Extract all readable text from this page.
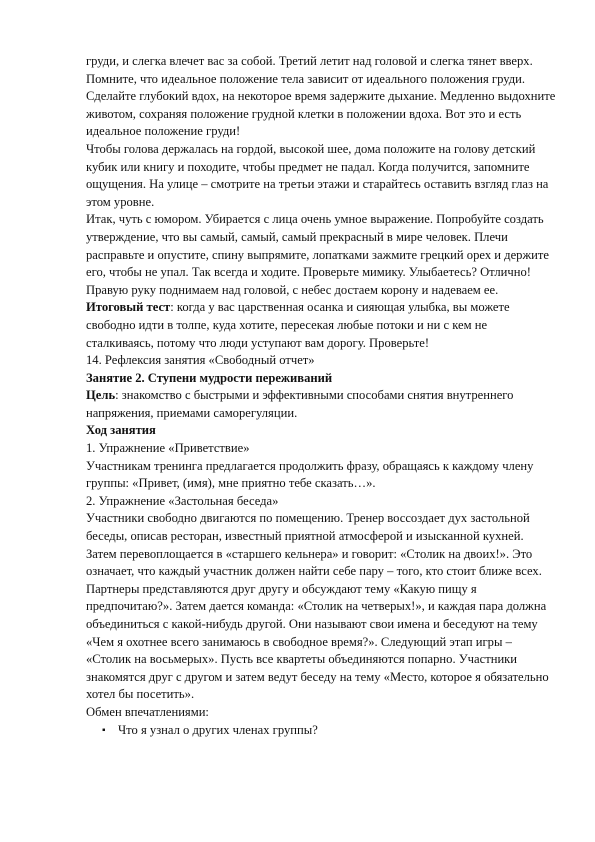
груди, и слегка влечет вас за собой. Третий летит над головой и слегка тянет вверх.

Помните, что идеальное положение тела зависит от идеального положения груди. Сделайте глубокий вдох, на некоторое время задержите дыхание. Медленно выдохните животом, сохраняя положение грудной клетки в положении вдоха. Вот это и есть идеальное положение груди!

Чтобы голова держалась на гордой, высокой шее, дома положите на голову детский кубик или книгу и походите, чтобы предмет не падал. Когда получится, запомните ощущения. На улице – смотрите на третьи этажи и старайтесь оставить взгляд глаз на этом уровне.

Итак, чуть с юмором. Убирается с лица очень умное выражение. Попробуйте создать утверждение, что вы самый, самый, самый прекрасный в мире человек. Плечи расправьте и опустите, спину выпрямите, лопатками зажмите грецкий орех и держите его, чтобы не упал. Так всегда и ходите. Проверьте мимику. Улыбаетесь? Отлично! Правую руку поднимаем над головой, с небес достаем корону и надеваем ее.

Итоговый тест: когда у вас царственная осанка и сияющая улыбка, вы можете свободно идти в толпе, куда хотите, пересекая любые потоки и ни с кем не сталкиваясь, потому что люди уступают вам дорогу. Проверьте!

14. Рефлексия занятия «Свободный отчет»

Занятие 2. Ступени мудрости переживаний

Цель: знакомство с быстрыми и эффективными способами снятия внутреннего напряжения, приемами саморегуляции.

Ход занятия

1. Упражнение «Приветствие»

Участникам тренинга предлагается продолжить фразу, обращаясь к каждому члену группы: «Привет, (имя), мне приятно тебе сказать…».

2. Упражнение «Застольная беседа»

Участники свободно двигаются по помещению. Тренер воссоздает дух застольной беседы, описав ресторан, известный приятной атмосферой и изысканной кухней. Затем перевоплощается в «старшего кельнера» и говорит: «Столик на двоих!». Это означает, что каждый участник должен найти себе пару – того, кто стоит ближе всех. Партнеры представляются друг другу и обсуждают тему «Какую пищу я предпочитаю?». Затем дается команда: «Столик на четверых!», и каждая пара должна объединиться с какой-нибудь другой. Они называют свои имена и беседуют на тему «Чем я охотнее всего занимаюсь в свободное время?». Следующий этап игры – «Столик на восьмерых». Пусть все квартеты объединяются попарно. Участники знакомятся друг с другом и затем ведут беседу на тему «Место, которое я обязательно хотел бы посетить».

Обмен впечатлениями:

▪ Что я узнал о других членах группы?
